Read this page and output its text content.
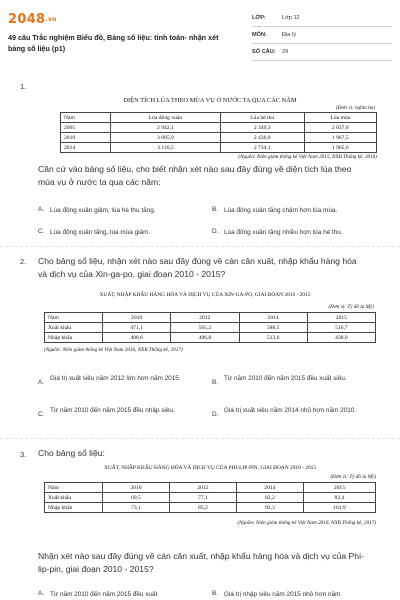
2048.vn
49 câu Trắc nghiệm Biểu đồ, Bảng số liệu: tính toán- nhận xét bảng số liệu (p1)
LỚP:	Lớp 12
MÔN:	Địa lý
SỐ CÂU:	29
1.
DIỆN TÍCH LÚA THEO MÙA VỤ Ở NƯỚC TA QUA CÁC NĂM
(Đơn vị: nghìn ha)
Năm	Lúa đông xuân	Lúa hè thu	Lúa mùa
2005	2 942,1	2 349,3	2 037,8
2010	3 085,9	2 436,0	1 967,5
2014	3 116,5	2 734,1	1 965,6
(Nguồn: Niên giám thống kê Việt Nam 2015, NXB Thống kê, 2016)
Căn cứ vào bảng số liệu, cho biết nhận xét nào sau đây đúng về diện tích lúa theo mùa vụ ở nước ta qua các năm:
A. Lúa đông xuân giảm, lúa hè thu tăng.	B. Lúa đông xuân tăng chậm hơn lúa mùa.
C. Lúa đông xuân tăng, lúa mùa giảm.	D. Lúa đông xuân tăng nhiều hơn lúa hè thu.
2. Cho bảng số liệu, nhận xét nào sau đây đúng về cán cân xuất, nhập khẩu hàng hóa và dịch vụ của Xin-ga-po, giai đoạn 2010 - 2015?
XUẤT, NHẬP KHẨU HÀNG HÓA VÀ DỊCH VỤ CỦA XIN-GA-PO, GIAI ĐOẠN 2010 - 2015
(Đơn vị: Tỷ đô la Mỹ)
Năm	2010	2012	2014	2015
Xuất khẩu	471,1	565,2	588,5	516,7
Nhập khẩu	408,6	496,8	513,6	438,0
(Nguồn: Niên giám thống kê Việt Nam 2016, NXB Thống kê, 2017)
A.
Giá trị xuất siêu năm 2012 lớn hơn năm 2015.
B.
Từ năm 2010 đến năm 2015 đều xuất siêu.
C.
Từ năm 2010 đến năm 2015 đều nhập siêu.
D.
Giá trị xuất siêu năm 2014 nhỏ hơn năm 2010.
3. Cho bảng số liệu:
XUẤT, NHẬP KHẨU HÀNG HÓA VÀ DỊCH VỤ CỦA PHI-LIP-PIN, GIAI ĐOẠN 2010 - 2015
(Đơn vị: Tỷ đô la Mỹ)
Năm	2010	2012	2014	2015
Xuất khẩu	69,5	77,1	82,2	82,4
Nhập khẩu	73,1	85,2	92,3	101,9
(Nguồn: Niên giám thống kê Việt Nam 2016, NXB Thống kê, 2017)
Nhận xét nào sau đây đúng về cán cân xuất, nhập khẩu hàng hóa và dịch vụ của Phi-lip-pin, giai đoạn 2010 - 2015?
A. Từ năm 2010 đến năm 2015 đều xuất	B. Giá trị nhập siêu năm 2015 nhỏ hơn năm
